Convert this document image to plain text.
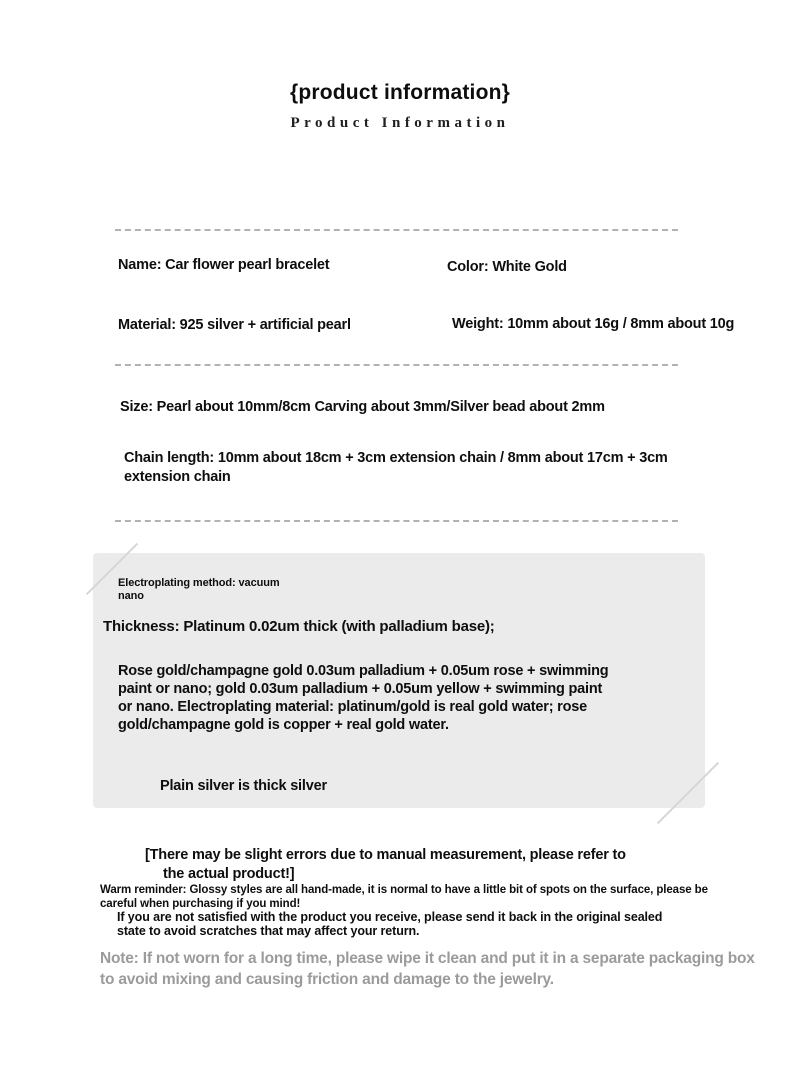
{product information}
Product Information
Name: Car flower pearl bracelet	Color: White Gold
Material: 925 silver + artificial pearl	Weight: 10mm about 16g / 8mm about 10g
Size: Pearl about 10mm/8cm Carving about 3mm/Silver bead about 2mm
Chain length: 10mm about 18cm + 3cm extension chain / 8mm about 17cm + 3cm
extension chain
Electroplating method: vacuum
nano
Thickness: Platinum 0.02um thick (with palladium base);
Rose gold/champagne gold 0.03um palladium + 0.05um rose + swimming
paint or nano; gold 0.03um palladium + 0.05um yellow + swimming paint
or nano. Electroplating material: platinum/gold is real gold water; rose
gold/champagne gold is copper + real gold water.
Plain silver is thick silver
[There may be slight errors due to manual measurement, please refer to
the actual product!]
Warm reminder: Glossy styles are all hand-made, it is normal to have a little bit of spots on the surface, please be
careful when purchasing if you mind!
If you are not satisfied with the product you receive, please send it back in the original sealed
state to avoid scratches that may affect your return.
Note: If not worn for a long time, please wipe it clean and put it in a separate packaging box
to avoid mixing and causing friction and damage to the jewelry.
